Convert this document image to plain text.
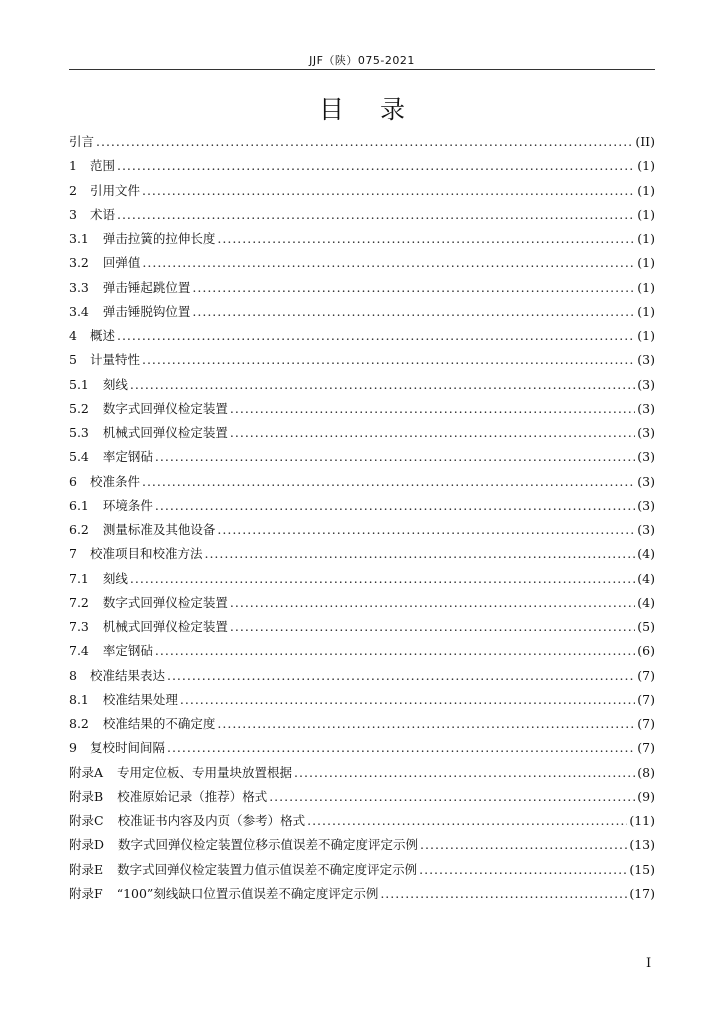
JJF（陕）075-2021
目 录
引言 .....	(II)
1 范围 .....	(1)
2 引用文件 .....	(1)
3 术语 .....	(1)
3.1 弹击拉簧的拉伸长度 .....	(1)
3.2 回弹值 .....	(1)
3.3 弹击锤起跳位置 .....	(1)
3.4 弹击锤脱钩位置 .....	(1)
4 概述 .....	(1)
5 计量特性 .....	(3)
5.1 刻线 .....	(3)
5.2 数字式回弹仪检定装置 .....	(3)
5.3 机械式回弹仪检定装置 .....	(3)
5.4 率定钢砧 .....	(3)
6 校准条件 .....	(3)
6.1 环境条件 .....	(3)
6.2 测量标准及其他设备 .....	(3)
7 校准项目和校准方法 .....	(4)
7.1 刻线 .....	(4)
7.2 数字式回弹仪检定装置 .....	(4)
7.3 机械式回弹仪检定装置 .....	(5)
7.4 率定钢砧 .....	(6)
8 校准结果表达 .....	(7)
8.1 校准结果处理 .....	(7)
8.2 校准结果的不确定度 .....	(7)
9 复校时间间隔 .....	(7)
附录A 专用定位板、专用量块放置根据 .....	(8)
附录B 校准原始记录（推荐）格式 .....	(9)
附录C 校准证书内容及内页（参考）格式 .....	(11)
附录D 数字式回弹仪检定装置位移示值误差不确定度评定示例 .....	(13)
附录E 数字式回弹仪检定装置力值示值误差不确定度评定示例 .....	(15)
附录F “100”刻线缺口位置示值误差不确定度评定示例 .....	(17)
I
